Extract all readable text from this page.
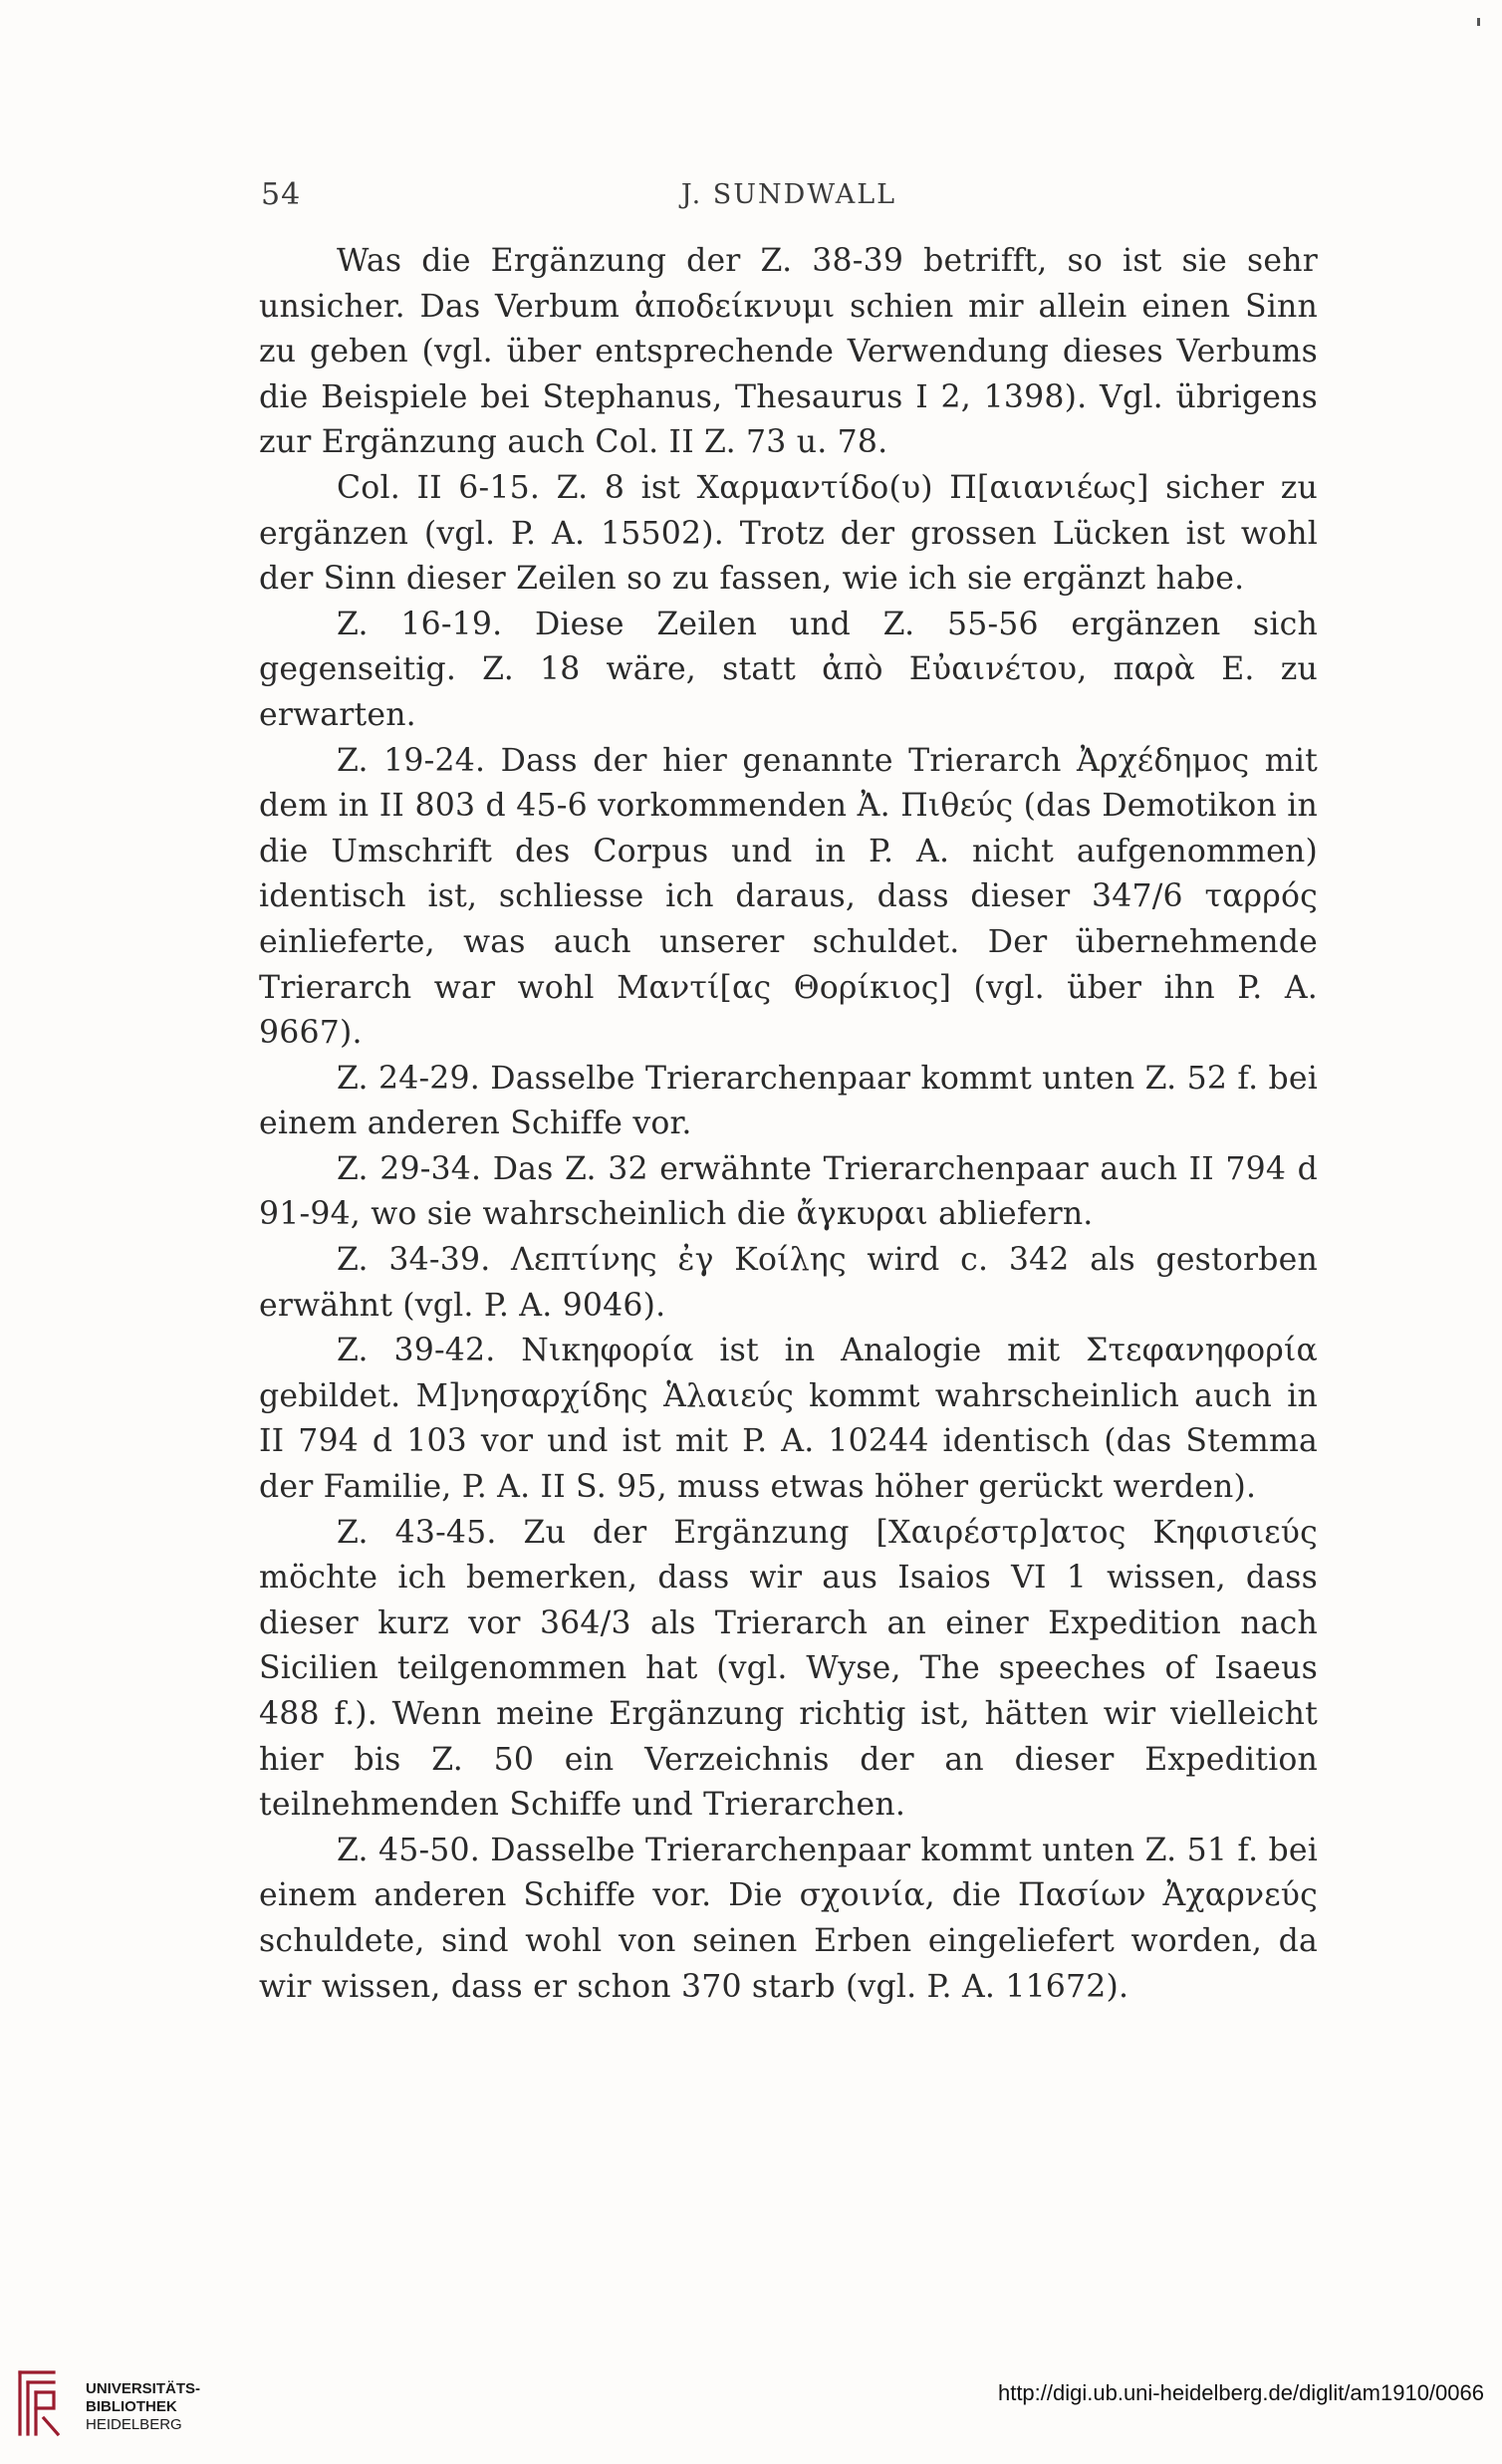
54	J. SUNDWALL

Was die Ergänzung der Z. 38-39 betrifft, so ist sie sehr unsicher. Das Verbum ἀποδείκνυμι schien mir allein einen Sinn zu geben (vgl. über entsprechende Verwendung dieses Verbums die Beispiele bei Stephanus, Thesaurus I 2, 1398). Vgl. übrigens zur Ergänzung auch Col. II Z. 73 u. 78.

Col. II 6-15. Z. 8 ist Χαρμαντίδο(υ) Π[αιανιέως] sicher zu ergänzen (vgl. P. A. 15502). Trotz der grossen Lücken ist wohl der Sinn dieser Zeilen so zu fassen, wie ich sie ergänzt habe.

Z. 16-19. Diese Zeilen und Z. 55-56 ergänzen sich gegenseitig. Z. 18 wäre, statt ἀπὸ Εὐαινέτου, παρὰ Ε. zu erwarten.

Z. 19-24. Dass der hier genannte Trierarch Ἀρχέδημος mit dem in II 803 d 45-6 vorkommenden Ἀ. Πιθεύς (das Demotikon in die Umschrift des Corpus und in P. A. nicht aufgenommen) identisch ist, schliesse ich daraus, dass dieser 347/6 ταρρός einlieferte, was auch unserer schuldet. Der übernehmende Trierarch war wohl Μαντί[ας Θορίκιος] (vgl. über ihn P. A. 9667).

Z. 24-29. Dasselbe Trierarchenpaar kommt unten Z. 52 f. bei einem anderen Schiffe vor.

Z. 29-34. Das Z. 32 erwähnte Trierarchenpaar auch II 794 d 91-94, wo sie wahrscheinlich die ἄγκυραι abliefern.

Z. 34-39. Λεπτίνης ἐγ Κοίλης wird c. 342 als gestorben erwähnt (vgl. P. A. 9046).

Z. 39-42. Νικηφορία ist in Analogie mit Στεφανηφορία gebildet. Μ]νησαρχίδης Ἁλαιεύς kommt wahrscheinlich auch in II 794 d 103 vor und ist mit P. A. 10244 identisch (das Stemma der Familie, P. A. II S. 95, muss etwas höher gerückt werden).

Z. 43-45. Zu der Ergänzung [Χαιρέστρ]ατος Κηφισιεύς möchte ich bemerken, dass wir aus Isaios VI 1 wissen, dass dieser kurz vor 364/3 als Trierarch an einer Expedition nach Sicilien teilgenommen hat (vgl. Wyse, The speeches of Isaeus 488 f.). Wenn meine Ergänzung richtig ist, hätten wir vielleicht hier bis Z. 50 ein Verzeichnis der an dieser Expedition teilnehmenden Schiffe und Trierarchen.

Z. 45-50. Dasselbe Trierarchenpaar kommt unten Z. 51 f. bei einem anderen Schiffe vor. Die σχοινία, die Πασίων Ἀχαρνεύς schuldete, sind wohl von seinen Erben eingeliefert worden, da wir wissen, dass er schon 370 starb (vgl. P. A. 11672).

UNIVERSITÄTS-
BIBLIOTHEK
HEIDELBERG
http://digi.ub.uni-heidelberg.de/diglit/am1910/0066
